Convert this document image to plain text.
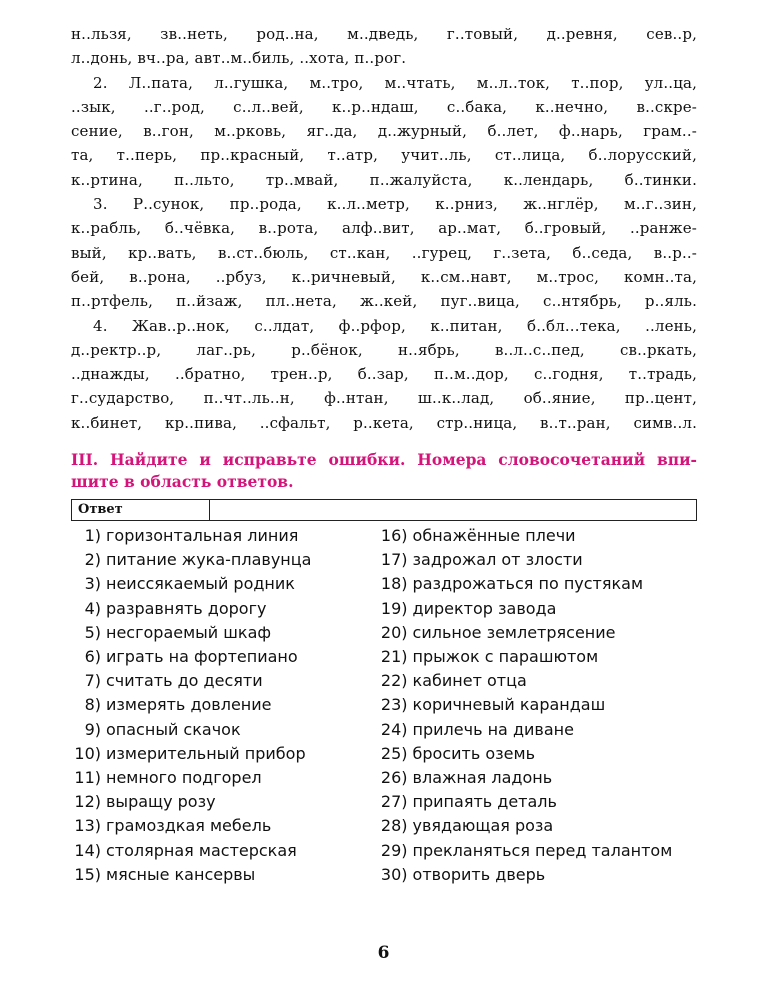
н..льзя, зв..неть, род..на, м..дведь, г..товый, д..ревня, сев..р,
л..донь, вч..ра, авт..м..биль, ..хота, п..рог.
2. Л..пата, л..гушка, м..тро, м..чтать, м..л..ток, т..пор, ул..ца,
..зык, ..г..род, с..л..вей, к..р..ндаш, с..бака, к..нечно, в..скре-
сение, в..гон, м..рковь, яг..да, д..журный, б..лет, ф..нарь, грам..-
та, т..перь, пр..красный, т..атр, учит..ль, ст..лица, б..лорусский,
к..ртина, п..льто, тр..мвай, п..жалуйста, к..лендарь, б..тинки.
3. Р..сунок, пр..рода, к..л..метр, к..рниз, ж..нглёр, м..г..зин,
к..рабль, б..чёвка, в..рота, алф..вит, ар..мат, б..гровый, ..ранже-
вый, кр..вать, в..ст..бюль, ст..кан, ..гурец, г..зета, б..седа, в..р..-
бей, в..рона, ..рбуз, к..ричневый, к..см..навт, м..трос, комн..та,
п..ртфель, п..йзаж, пл..нета, ж..кей, пуг..вица, с..нтябрь, р..яль.
4. Жав..р..нок, с..лдат, ф..рфор, к..питан, б..бл...тека, ..лень,
д..ректр..р, лаг..рь, р..бёнок, н..ябрь, в..л..с..пед, св..ркать,
..днажды, ..братно, трен..р, б..зар, п..м..дор, с..годня, т..традь,
г..сударство, п..чт..ль..н, ф..нтан, ш..к..лад, об..яние, пр..цент,
к..бинет, кр..пива, ..сфальт, р..кета, стр..ница, в..т..ран, симв..л.
III. Найдите и исправьте ошибки. Номера словосочетаний впи-
шите в область ответов.
Ответ
1) горизонтальная линия
2) питание жука-плавунца
3) неиссякаемый родник
4) разравнять дорогу
5) несгораемый шкаф
6) играть на фортепиано
7) считать до десяти
8) измерять довление
9) опасный скачок
10) измерительный прибор
11) немного подгорел
12) выращу розу
13) грамоздкая мебель
14) столярная мастерская
15) мясные кансервы
16) обнажённые плечи
17) задрожал от злости
18) раздрожаться по пустякам
19) директор завода
20) сильное землетрясение
21) прыжок с парашютом
22) кабинет отца
23) коричневый карандаш
24) прилечь на диване
25) бросить оземь
26) влажная ладонь
27) припаять деталь
28) увядающая роза
29) прекланяться перед талантом
30) отворить дверь
6
